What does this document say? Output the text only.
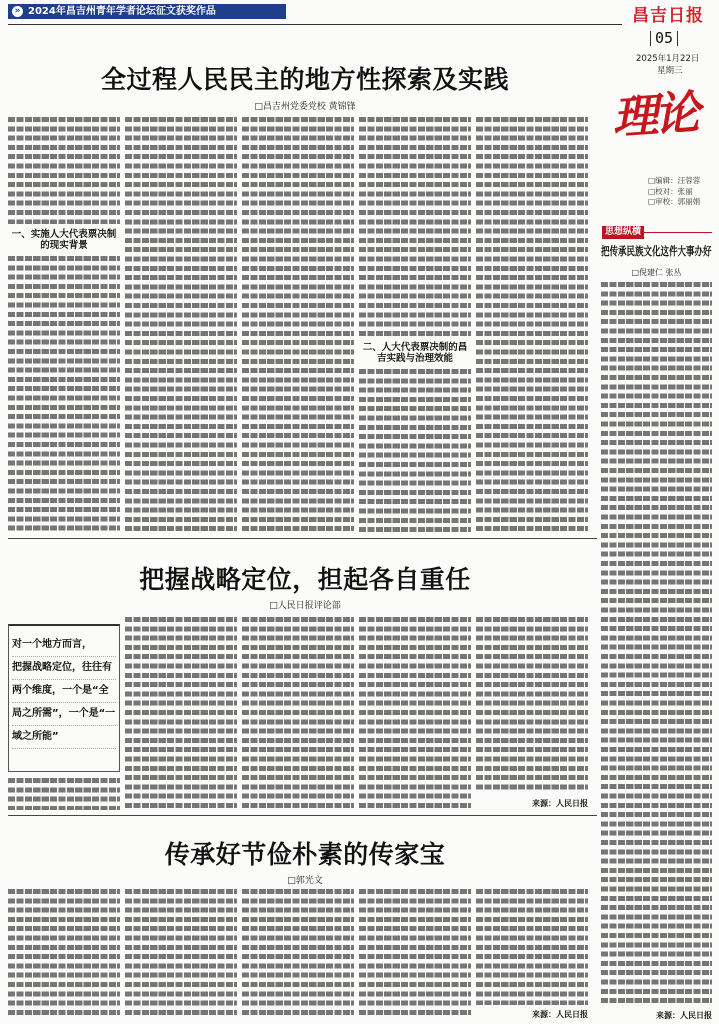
» 2024年昌吉州青年学者论坛征文获奖作品	昌吉日报
05
2025年1月22日
星期三
理论
□编辑：汪蓉蓉
□校对：张丽
□审校：郭丽娟
思想纵横
把传承民族文化这件大事办好
□倪建仁 张丛
来源：人民日报
全过程人民民主的地方性探索及实践
□昌吉州党委党校 黄锦锋
一、实施人大代表票决制的现实背景
二、人大代表票决制的昌吉实践与治理效能
把握战略定位，担起各自重任
□人民日报评论部
对一个地方而言，
把握战略定位，往往有
两个维度，一个是“全
局之所需”，一个是“一
域之所能”
来源：人民日报
传承好节俭朴素的传家宝
□郭光文
来源：人民日报
